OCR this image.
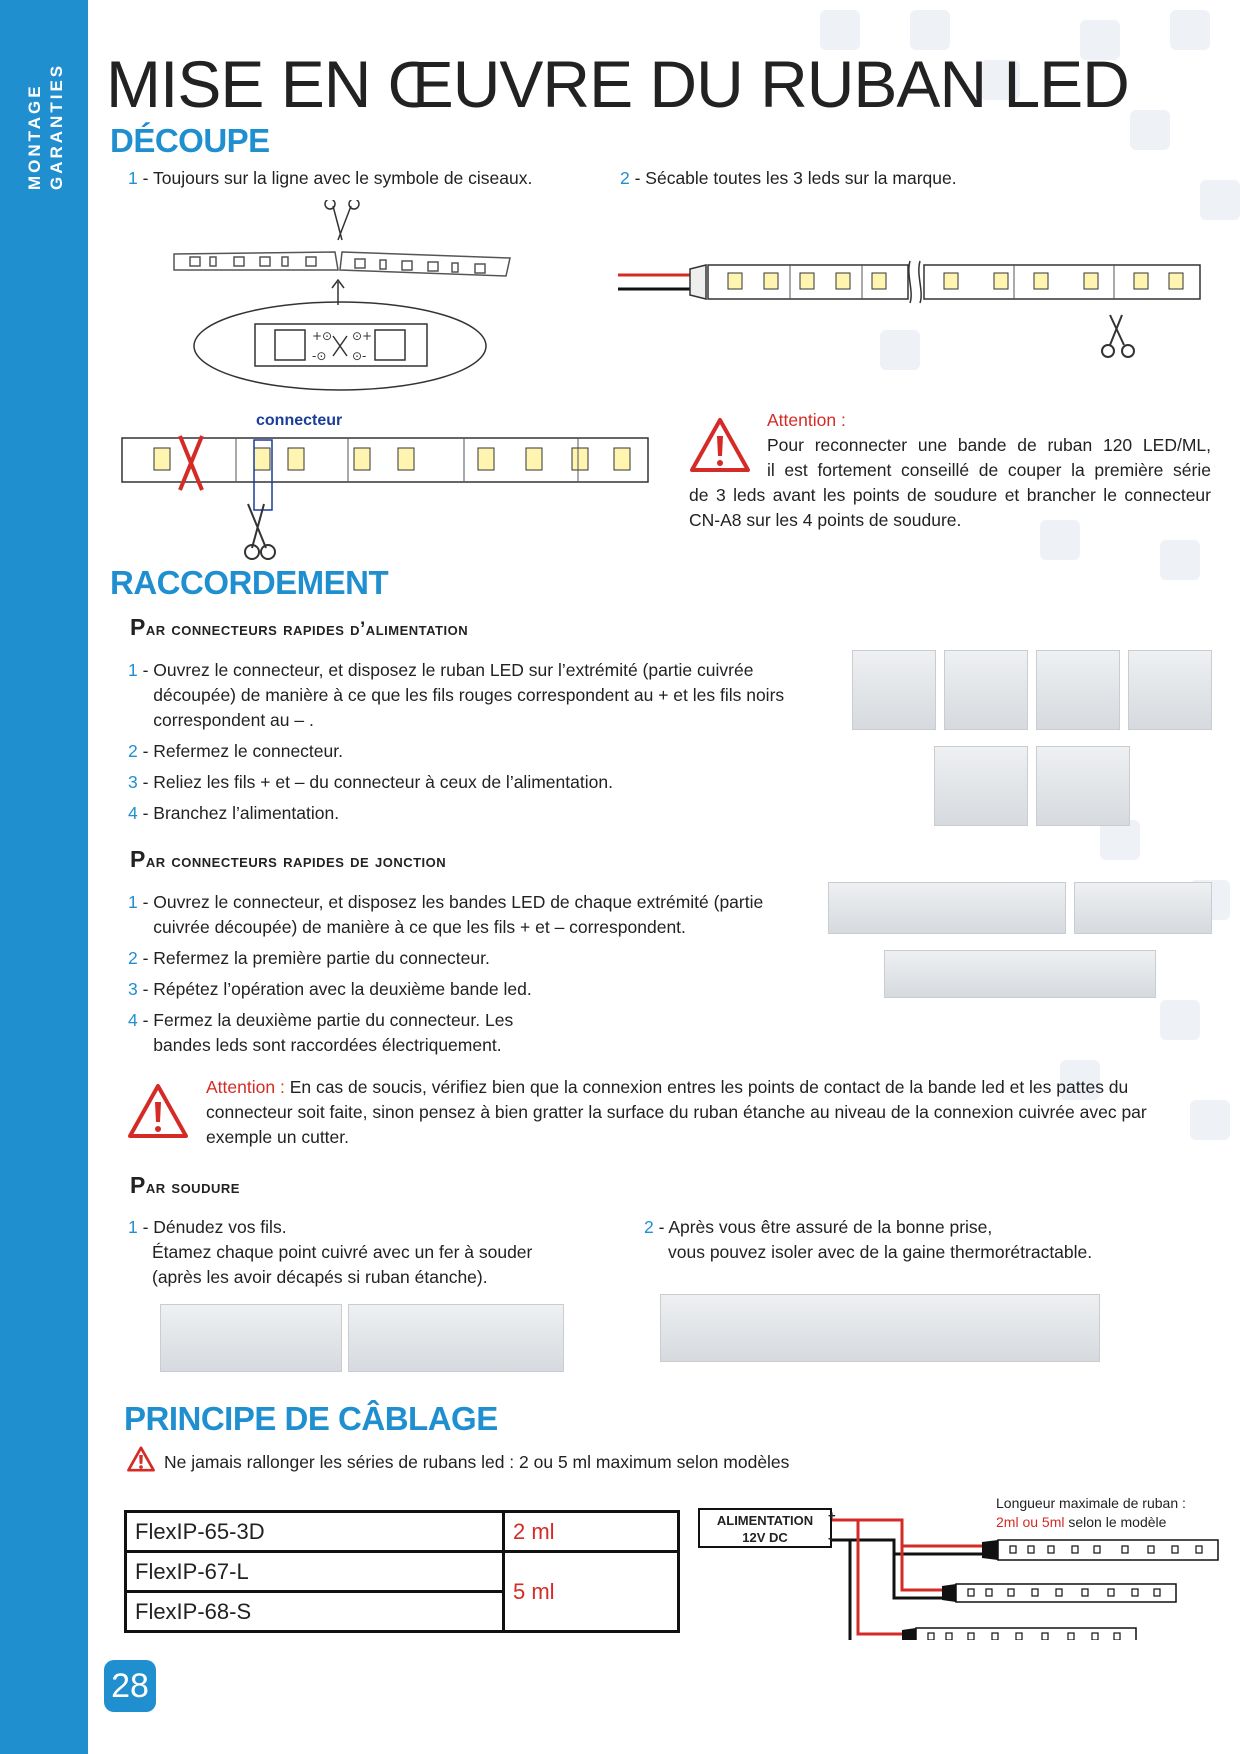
MONTAGE GARANTIES MISE EN ŒUVRE DU RUBAN LED
DÉCOUPE
1 - Toujours sur la ligne avec le symbole de ciseaux.	2 - Sécable toutes les 3 leds sur la marque.
+⊙
-⊙
⊙+
⊙-
connecteur	Attention :
Pour reconnecter une bande de ruban 120 LED/ML,
il est fortement conseillé de couper la première série
de 3 leds avant les points de soudure et brancher le connecteur
CN-A8 sur les 4 points de soudure.
RACCORDEMENT
Par connecteurs rapides d’alimentation
1 - Ouvrez le connecteur, et disposez le ruban LED sur l’extrémité (partie cuivrée découpée) de manière à ce que les fils rouges correspondent au + et les fils noirs correspondent au – .
2 - Refermez le connecteur.
3 - Reliez les fils + et – du connecteur à ceux de l’alimentation.
4 - Branchez l’alimentation.
Par connecteurs rapides de jonction
1 - Ouvrez le connecteur, et disposez les bandes LED de chaque extrémité (partie cuivrée découpée) de manière à ce que les fils + et – correspondent.
2 - Refermez la première partie du connecteur.
3 - Répétez l’opération avec la deuxième bande led.
4 - Fermez la deuxième partie du connecteur. Les bandes leds sont raccordées électriquement.
Attention : En cas de soucis, vérifiez bien que la connexion entres les points de contact de la bande led et les pattes du connecteur soit faite, sinon pensez à bien gratter la surface du ruban étanche au niveau de la connexion cuivrée avec par exemple un cutter.
Par soudure
1 - Dénudez vos fils.
Étamez chaque point cuivré avec un fer à souder
(après les avoir décapés si ruban étanche).
2 - Après vous être assuré de la bonne prise,
vous pouvez isoler avec de la gaine thermorétractable.
PRINCIPE DE CÂBLAGE
Ne jamais rallonger les séries de rubans led : 2 ou 5 ml maximum selon modèles
FlexIP-65-3D	2 ml
FlexIP-67-L	5 ml
FlexIP-68-S	
ALIMENTATION
12V DC
+
-
Longueur maximale de ruban :
2ml ou 5ml selon le modèle
28
